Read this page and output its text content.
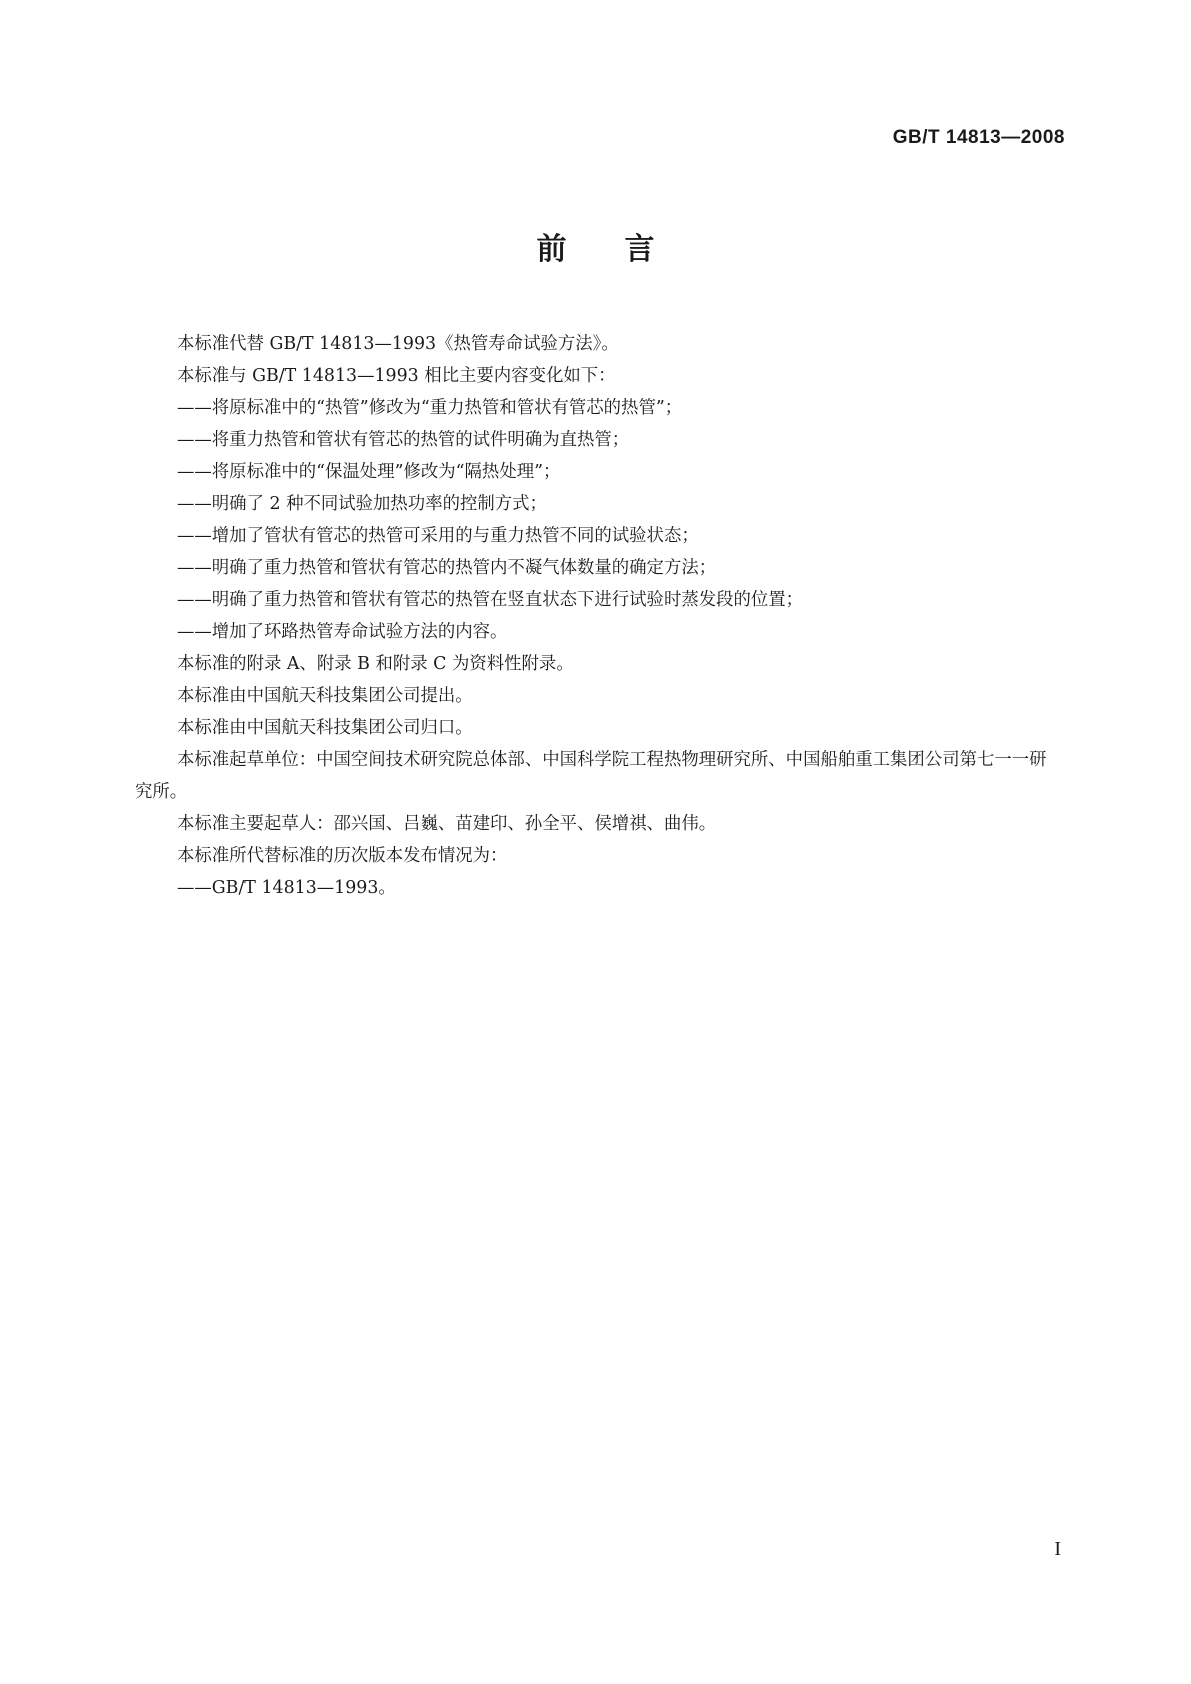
GB/T 14813—2008
前言

本标准代替 GB/T 14813—1993《热管寿命试验方法》。

本标准与 GB/T 14813—1993 相比主要内容变化如下：

——将原标准中的“热管”修改为“重力热管和管状有管芯的热管”；

——将重力热管和管状有管芯的热管的试件明确为直热管；

——将原标准中的“保温处理”修改为“隔热处理”；

——明确了 2 种不同试验加热功率的控制方式；

——增加了管状有管芯的热管可采用的与重力热管不同的试验状态；

——明确了重力热管和管状有管芯的热管内不凝气体数量的确定方法；

——明确了重力热管和管状有管芯的热管在竖直状态下进行试验时蒸发段的位置；

——增加了环路热管寿命试验方法的内容。

本标准的附录 A、附录 B 和附录 C 为资料性附录。

本标准由中国航天科技集团公司提出。

本标准由中国航天科技集团公司归口。

本标准起草单位：中国空间技术研究院总体部、中国科学院工程热物理研究所、中国船舶重工集团公司第七一一研究所。

本标准主要起草人：邵兴国、吕巍、苗建印、孙全平、侯增祺、曲伟。

本标准所代替标准的历次版本发布情况为：

——GB/T 14813—1993。

I
